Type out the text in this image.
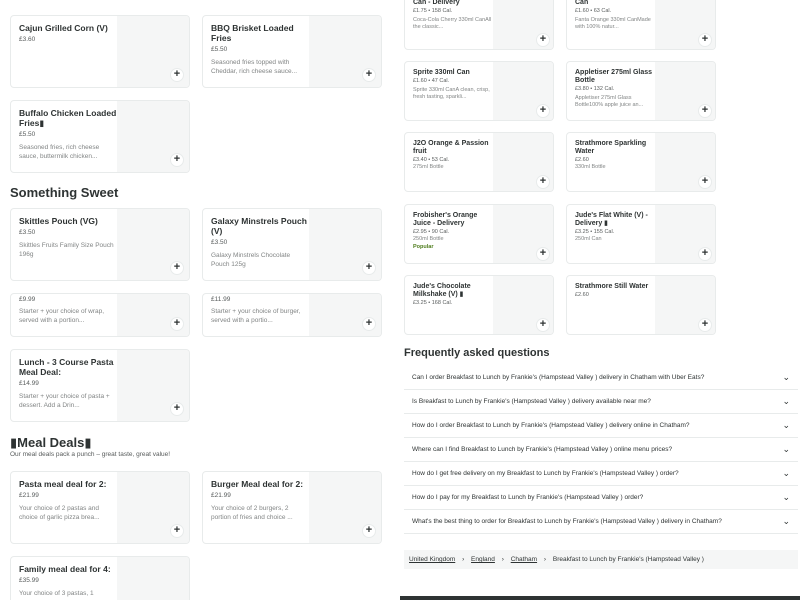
Cajun Grilled Corn (V)
£3.60
+
BBQ Brisket Loaded Fries
£5.50
Seasoned fries topped with Cheddar, rich cheese sauce...	+
Buffalo Chicken Loaded Fries▮
£5.50
Seasoned fries, rich cheese sauce, buttermilk chicken...	+
Something Sweet
Skittles Pouch (VG)
£3.50
Skittles Fruits Family Size Pouch 196g
+
Galaxy Minstrels Pouch (V)
£3.50
Galaxy Minstrels Chocolate Pouch 125g	+
£9.99
Starter + your choice of wrap, served with a portion...	+
£11.99
Starter + your choice of burger, served with a portio...	+
Lunch - 3 Course Pasta Meal Deal:
£14.99
Starter + your choice of pasta + dessert. Add a Drin...	+
▮Meal Deals▮
Our meal deals pack a punch – great taste, great value!
Pasta meal deal for 2:
£21.99
Your choice of 2 pastas and choice of garlic pizza brea...
+
Burger Meal deal for 2:
£21.99
Your choice of 2 burgers, 2 portion of fries and choice ...
+
Family meal deal for 4:
£35.99
Your choice of 3 pastas, 1
Can - Delivery
£1.75 • 158 Cal.
Coca-Cola Cherry 330ml CanAll the classic...
+
Can
£1.60 • 63 Cal.
Fanta Orange 330ml CanMade with 100% natur...
+
Sprite 330ml Can
£1.60 • 47 Cal.
Sprite 330ml CanA clean, crisp, fresh tasting, sparkli...
+
Appletiser 275ml Glass Bottle
£3.80 • 132 Cal.
Appletiser 275ml Glass Bottle100% apple juice an...	+
J2O Orange & Passion fruit
£3.40 • 53 Cal.
275ml Bottle
+
Strathmore Sparkling Water
£2.60
330ml Bottle
+
Frobisher's Orange Juice - Delivery
£2.95 • 90 Cal.
250ml Bottle
Popular	+
Jude's Flat White (V) - Delivery ▮
£3.25 • 155 Cal.
250ml Can
+
Jude's Chocolate Milkshake (V) ▮
£3.25 • 168 Cal.
+
Strathmore Still Water
£2.60
+
Frequently asked questions
Can I order Breakfast to Lunch by Frankie's (Hampstead Valley ) delivery in Chatham with Uber Eats?	⌄
Is Breakfast to Lunch by Frankie's (Hampstead Valley ) delivery available near me?	⌄
How do I order Breakfast to Lunch by Frankie's (Hampstead Valley ) delivery online in Chatham?	⌄
Where can I find Breakfast to Lunch by Frankie's (Hampstead Valley ) online menu prices?	⌄
How do I get free delivery on my Breakfast to Lunch by Frankie's (Hampstead Valley ) order?	⌄
How do I pay for my Breakfast to Lunch by Frankie's (Hampstead Valley ) order?	⌄
What's the best thing to order for Breakfast to Lunch by Frankie's (Hampstead Valley ) delivery in Chatham?	⌄
United Kingdom › England › Chatham › Breakfast to Lunch by Frankie's (Hampstead Valley )
